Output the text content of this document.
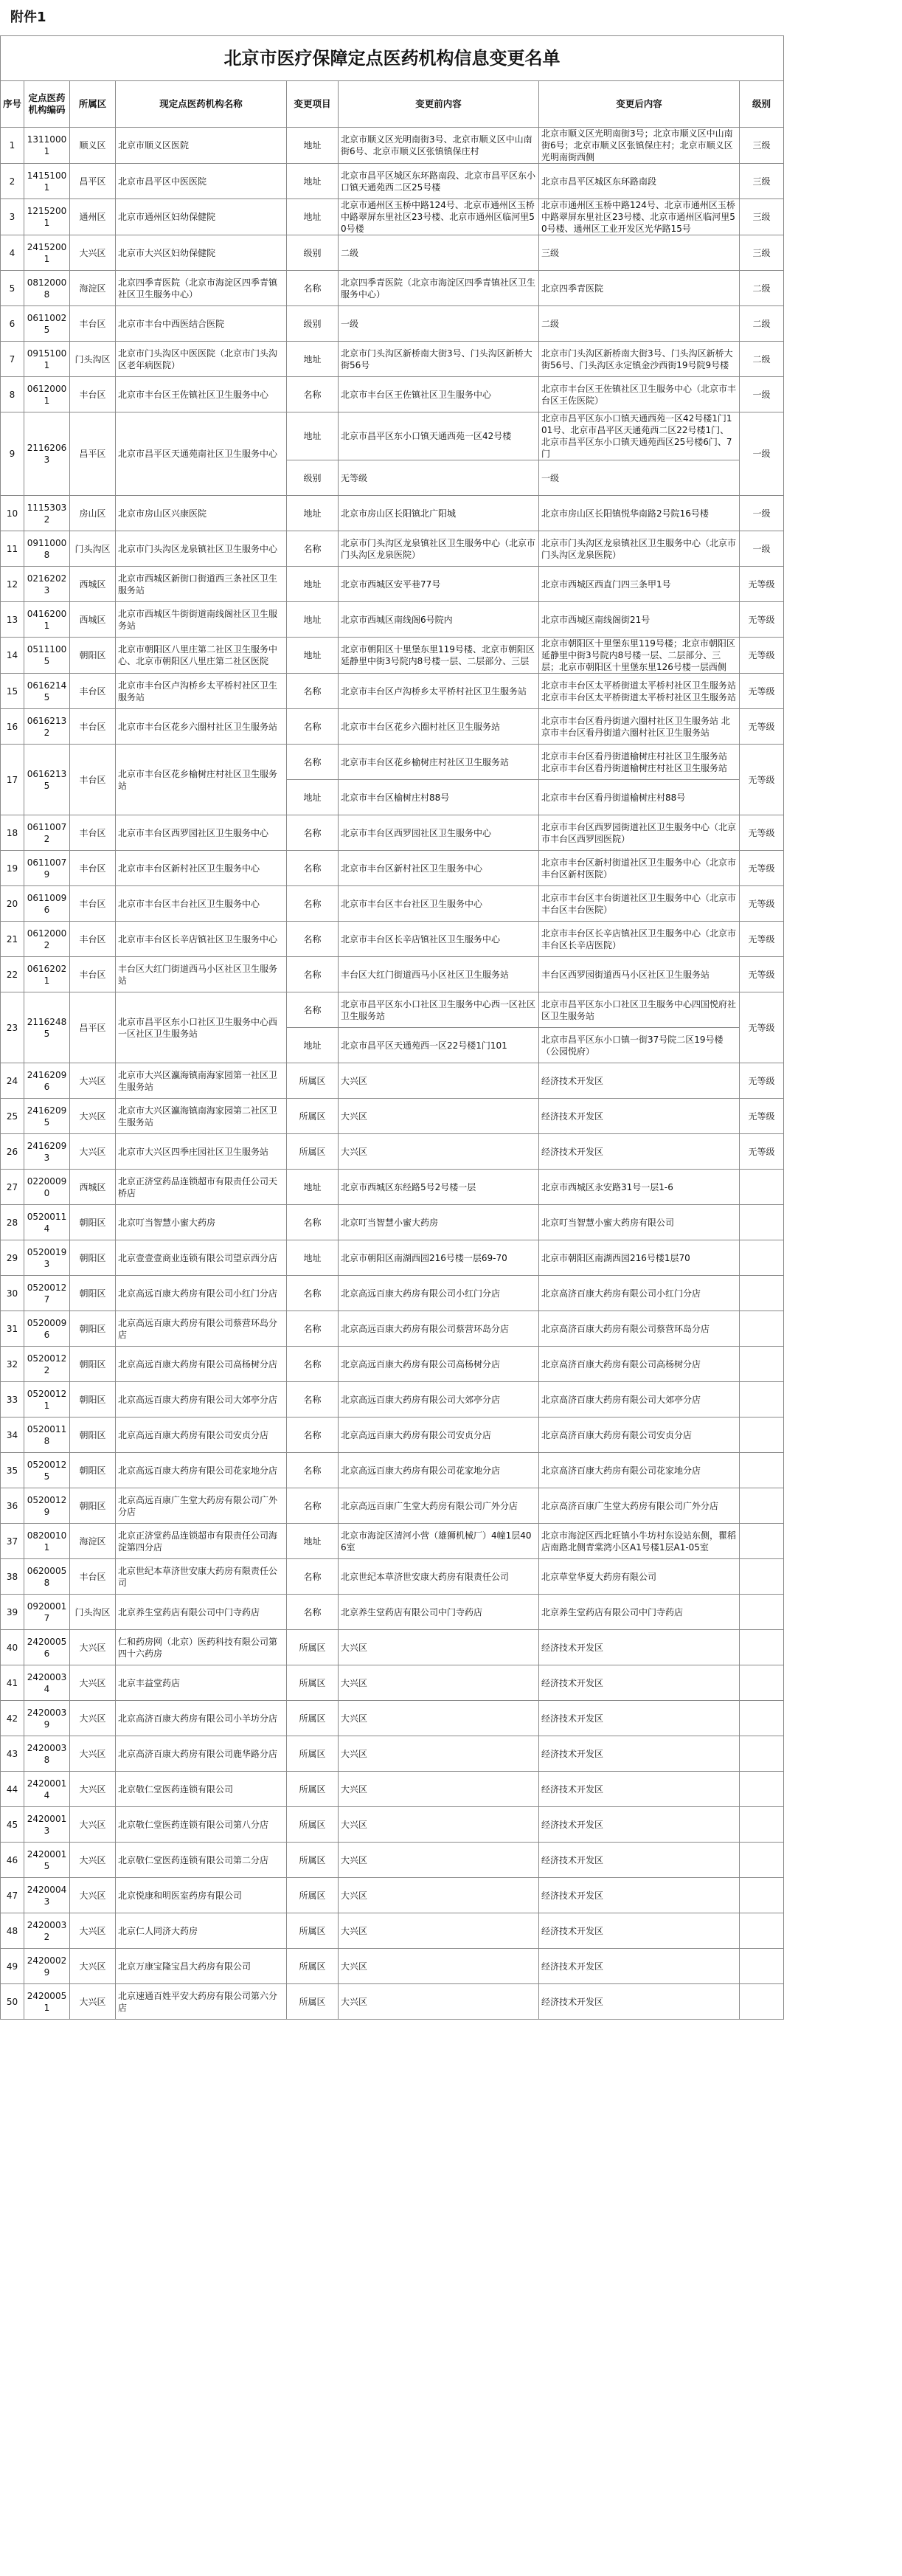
附件1
北京市医疗保障定点医药机构信息变更名单								
序号	定点医药机构编码	所属区	现定点医药机构名称	变更项目	变更前内容	变更后内容	级别	
1	13110001	顺义区	北京市顺义区医院	地址	北京市顺义区光明南街3号、北京市顺义区中山南街6号、北京市顺义区张镇镇保庄村	北京市顺义区光明南街3号；北京市顺义区中山南街6号；北京市顺义区张镇保庄村；北京市顺义区光明南街西侧	三级	
2	14151001	昌平区	北京市昌平区中医医院	地址	北京市昌平区城区东环路南段、北京市昌平区东小口镇天通苑西二区25号楼	北京市昌平区城区东环路南段	三级	
3	12152001	通州区	北京市通州区妇幼保健院	地址	北京市通州区玉桥中路124号、北京市通州区玉桥中路翠屏东里社区23号楼、北京市通州区临河里50号楼	北京市通州区玉桥中路124号、北京市通州区玉桥中路翠屏东里社区23号楼、北京市通州区临河里50号楼、通州区工业开发区光华路15号	三级	
4	24152001	大兴区	北京市大兴区妇幼保健院	级别	二级	三级	三级	
5	08120008	海淀区	北京四季青医院（北京市海淀区四季青镇社区卫生服务中心）	名称	北京四季青医院（北京市海淀区四季青镇社区卫生服务中心）	北京四季青医院	二级	
6	06110025	丰台区	北京市丰台中西医结合医院	级别	一级	二级	二级	
7	09151001	门头沟区	北京市门头沟区中医医院（北京市门头沟区老年病医院）	地址	北京市门头沟区新桥南大街3号、门头沟区新桥大街56号	北京市门头沟区新桥南大街3号、门头沟区新桥大街56号、门头沟区永定镇金沙西街19号院9号楼	二级	
8	06120001	丰台区	北京市丰台区王佐镇社区卫生服务中心	名称	北京市丰台区王佐镇社区卫生服务中心	北京市丰台区王佐镇社区卫生服务中心（北京市丰台区王佐医院）	一级	
9	21162063	昌平区	北京市昌平区天通苑南社区卫生服务中心	地址	北京市昌平区东小口镇天通西苑一区42号楼	北京市昌平区东小口镇天通西苑一区42号楼1门101号、北京市昌平区天通苑西二区22号楼1门、北京市昌平区东小口镇天通苑西区25号楼6门、7门	一级	
				级别	无等级	一级		
10	11153032	房山区	北京市房山区兴康医院	地址	北京市房山区长阳镇北广阳城	北京市房山区长阳镇悦华南路2号院16号楼	一级	
11	09110008	门头沟区	北京市门头沟区龙泉镇社区卫生服务中心	名称	北京市门头沟区龙泉镇社区卫生服务中心（北京市门头沟区龙泉医院）	北京市门头沟区龙泉镇社区卫生服务中心（北京市门头沟区龙泉医院）	一级	
12	02162023	西城区	北京市西城区新街口街道西三条社区卫生服务站	地址	北京市西城区安平巷77号	北京市西城区西直门四三条甲1号	无等级	
13	04162001	西城区	北京市西城区牛街街道南线阁社区卫生服务站	地址	北京市西城区南线阁6号院内	北京市西城区南线阁街21号	无等级	
14	05111005	朝阳区	北京市朝阳区八里庄第二社区卫生服务中心、北京市朝阳区八里庄第二社区医院	地址	北京市朝阳区十里堡东里119号楼、北京市朝阳区延静里中街3号院内8号楼一层、二层部分、三层	北京市朝阳区十里堡东里119号楼；北京市朝阳区延静里中街3号院内8号楼一层、二层部分、三层；北京市朝阳区十里堡东里126号楼一层西侧	无等级	
15	06162145	丰台区	北京市丰台区卢沟桥乡太平桥村社区卫生服务站	名称	北京市丰台区卢沟桥乡太平桥村社区卫生服务站	北京市丰台区太平桥街道太平桥村社区卫生服务站 北京市丰台区太平桥街道太平桥村社区卫生服务站	无等级	
16	06162132	丰台区	北京市丰台区花乡六圈村社区卫生服务站	名称	北京市丰台区花乡六圈村社区卫生服务站	北京市丰台区看丹街道六圈村社区卫生服务站 北京市丰台区看丹街道六圈村社区卫生服务站	无等级	
17	06162135	丰台区	北京市丰台区花乡榆树庄村社区卫生服务站	名称	北京市丰台区花乡榆树庄村社区卫生服务站	北京市丰台区看丹街道榆树庄村社区卫生服务站 北京市丰台区看丹街道榆树庄村社区卫生服务站	无等级	
				地址	北京市丰台区榆树庄村88号	北京市丰台区看丹街道榆树庄村88号		
18	06110072	丰台区	北京市丰台区西罗园社区卫生服务中心	名称	北京市丰台区西罗园社区卫生服务中心	北京市丰台区西罗园街道社区卫生服务中心（北京市丰台区西罗园医院）	无等级	
19	06110079	丰台区	北京市丰台区新村社区卫生服务中心	名称	北京市丰台区新村社区卫生服务中心	北京市丰台区新村街道社区卫生服务中心（北京市丰台区新村医院）	无等级	
20	06110096	丰台区	北京市丰台区丰台社区卫生服务中心	名称	北京市丰台区丰台社区卫生服务中心	北京市丰台区丰台街道社区卫生服务中心（北京市丰台区丰台医院）	无等级	
21	06120002	丰台区	北京市丰台区长辛店镇社区卫生服务中心	名称	北京市丰台区长辛店镇社区卫生服务中心	北京市丰台区长辛店镇社区卫生服务中心（北京市丰台区长辛店医院）	无等级	
22	06162021	丰台区	丰台区大红门街道西马小区社区卫生服务站	名称	丰台区大红门街道西马小区社区卫生服务站	丰台区西罗园街道西马小区社区卫生服务站	无等级	
23	21162485	昌平区	北京市昌平区东小口社区卫生服务中心西一区社区卫生服务站	名称	北京市昌平区东小口社区卫生服务中心西一区社区卫生服务站	北京市昌平区东小口社区卫生服务中心四国悦府社区卫生服务站	无等级	
				地址	北京市昌平区天通苑西一区22号楼1门101	北京市昌平区东小口镇一街37号院二区19号楼（公园悦府）		
24	24162096	大兴区	北京市大兴区瀛海镇南海家园第一社区卫生服务站	所属区	大兴区	经济技术开发区	无等级	
25	24162095	大兴区	北京市大兴区瀛海镇南海家园第二社区卫生服务站	所属区	大兴区	经济技术开发区	无等级	
26	24162093	大兴区	北京市大兴区四季庄园社区卫生服务站	所属区	大兴区	经济技术开发区	无等级	
27	02200090	西城区	北京正济堂药品连锁超市有限责任公司天桥店	地址	北京市西城区东经路5号2号楼一层	北京市西城区永安路31号一层1-6		
28	05200114	朝阳区	北京叮当智慧小蜜大药房	名称	北京叮当智慧小蜜大药房	北京叮当智慧小蜜大药房有限公司		
29	05200193	朝阳区	北京壹壹壹商业连锁有限公司望京西分店	地址	北京市朝阳区南湖西园216号楼一层69-70	北京市朝阳区南湖西园216号楼1层70		
30	05200127	朝阳区	北京高远百康大药房有限公司小红门分店	名称	北京高远百康大药房有限公司小红门分店	北京高济百康大药房有限公司小红门分店		
31	05200096	朝阳区	北京高远百康大药房有限公司蔡营环岛分店	名称	北京高远百康大药房有限公司蔡营环岛分店	北京高济百康大药房有限公司蔡营环岛分店		
32	05200122	朝阳区	北京高远百康大药房有限公司高杨树分店	名称	北京高远百康大药房有限公司高杨树分店	北京高济百康大药房有限公司高杨树分店		
33	05200121	朝阳区	北京高远百康大药房有限公司大郊亭分店	名称	北京高远百康大药房有限公司大郊亭分店	北京高济百康大药房有限公司大郊亭分店		
34	05200118	朝阳区	北京高远百康大药房有限公司安贞分店	名称	北京高远百康大药房有限公司安贞分店	北京高济百康大药房有限公司安贞分店		
35	05200125	朝阳区	北京高远百康大药房有限公司花家地分店	名称	北京高远百康大药房有限公司花家地分店	北京高济百康大药房有限公司花家地分店		
36	05200129	朝阳区	北京高远百康广生堂大药房有限公司广外分店	名称	北京高远百康广生堂大药房有限公司广外分店	北京高济百康广生堂大药房有限公司广外分店		
37	08200101	海淀区	北京正济堂药品连锁超市有限责任公司海淀第四分店	地址	北京市海淀区清河小营（雄狮机械厂）4幢1层406室	北京市海淀区西北旺镇小牛坊村东设站东侧，瞿稻店南路北侧青棠湾小区A1号楼1层A1-05室		
38	06200058	丰台区	北京世纪本草济世安康大药房有限责任公司	名称	北京世纪本草济世安康大药房有限责任公司	北京草堂华夏大药房有限公司		
39	09200017	门头沟区	北京养生堂药店有限公司中门寺药店	名称	北京养生堂药店有限公司中门寺药店	北京养生堂药店有限公司中门寺药店		
40	24200056	大兴区	仁和药房网（北京）医药科技有限公司第四十六药房	所属区	大兴区	经济技术开发区		
41	24200034	大兴区	北京丰益堂药店	所属区	大兴区	经济技术开发区		
42	24200039	大兴区	北京高济百康大药房有限公司小羊坊分店	所属区	大兴区	经济技术开发区		
43	24200038	大兴区	北京高济百康大药房有限公司鹿华路分店	所属区	大兴区	经济技术开发区		
44	24200014	大兴区	北京敬仁堂医药连锁有限公司	所属区	大兴区	经济技术开发区		
45	24200013	大兴区	北京敬仁堂医药连锁有限公司第八分店	所属区	大兴区	经济技术开发区		
46	24200015	大兴区	北京敬仁堂医药连锁有限公司第二分店	所属区	大兴区	经济技术开发区		
47	24200043	大兴区	北京悦康和明医室药房有限公司	所属区	大兴区	经济技术开发区		
48	24200032	大兴区	北京仁人同济大药房	所属区	大兴区	经济技术开发区		
49	24200029	大兴区	北京万康宝隆宝昌大药房有限公司	所属区	大兴区	经济技术开发区		
50	24200051	大兴区	北京速通百姓平安大药房有限公司第六分店	所属区	大兴区	经济技术开发区		
